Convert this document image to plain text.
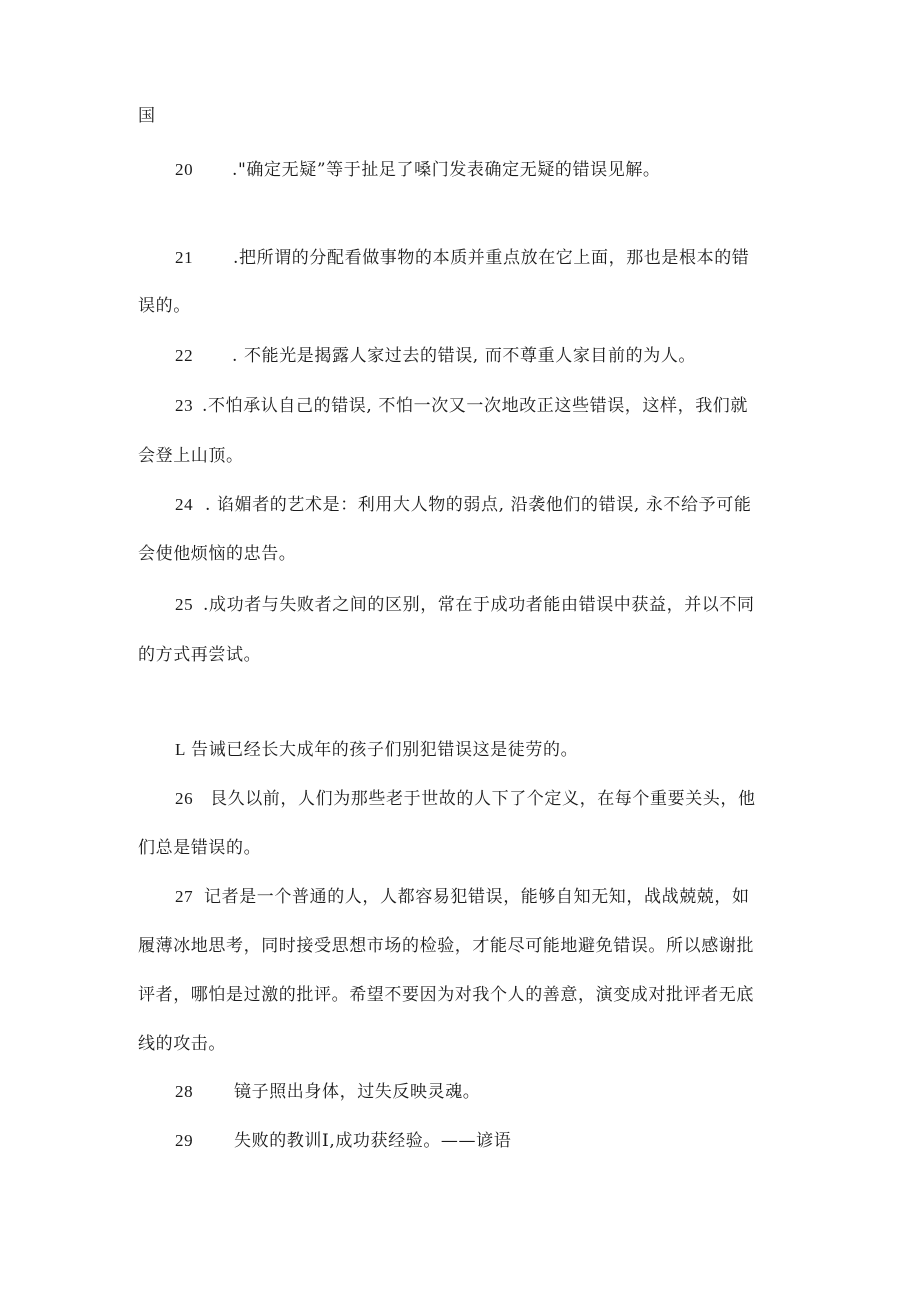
国
20 ."确定无疑”等于扯足了嗓门发表确定无疑的错误见解。
21 .把所谓的分配看做事物的本质并重点放在它上面，那也是根本的错
误的。
22 . 不能光是揭露人家过去的错误, 而不尊重人家目前的为人。
23 .不怕承认自己的错误, 不怕一次又一次地改正这些错误，这样，我们就
会登上山顶。
24 . 谄媚者的艺术是：利用大人物的弱点, 沿袭他们的错误, 永不给予可能
会使他烦恼的忠告。
25 .成功者与失败者之间的区别，常在于成功者能由错误中获益，并以不同
的方式再尝试。
L 告诫已经长大成年的孩子们别犯错误这是徒劳的。
26 艮久以前，人们为那些老于世故的人下了个定义，在每个重要关头，他
们总是错误的。
27 记者是一个普通的人，人都容易犯错误，能够自知无知，战战兢兢，如
履薄冰地思考，同时接受思想市场的检验，才能尽可能地避免错误。所以感谢批
评者，哪怕是过激的批评。希望不要因为对我个人的善意，演变成对批评者无底
线的攻击。
28 镜子照出身体，过失反映灵魂。
29 失败的教训I,成功获经验。——谚语
